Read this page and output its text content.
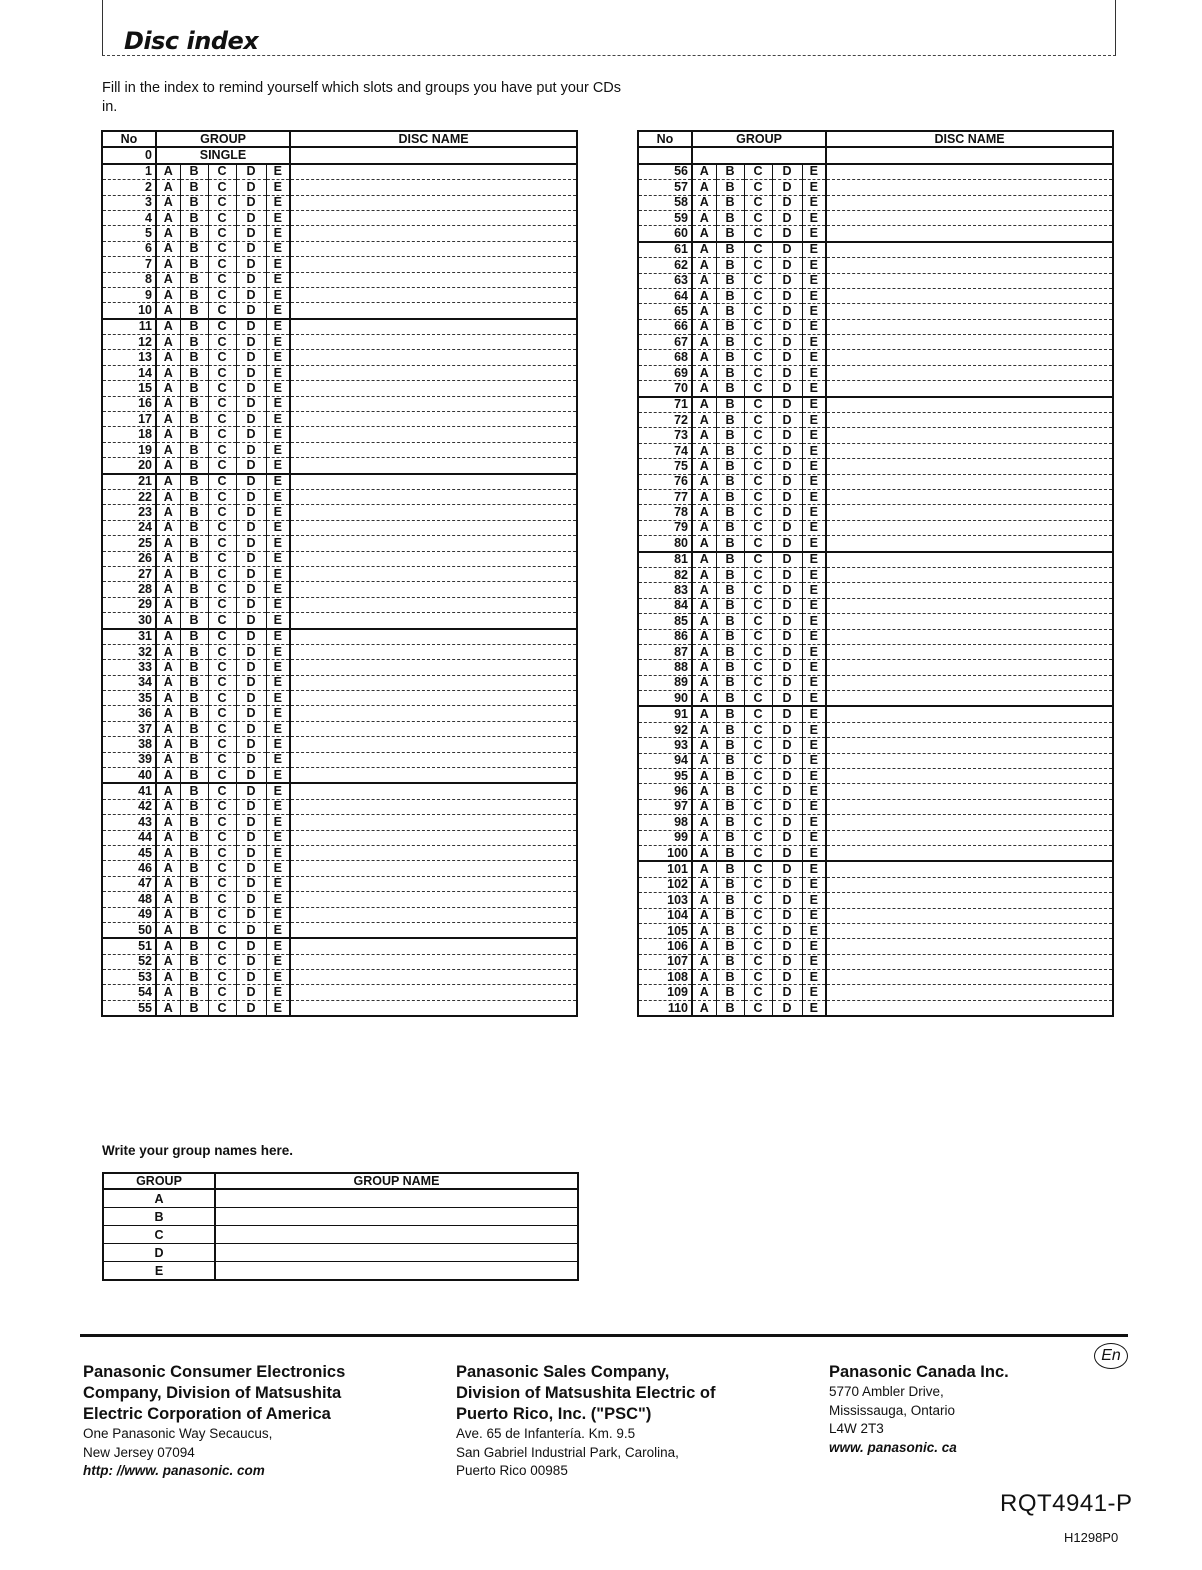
Disc index
Fill in the index to remind yourself which slots and groups you have put your CDs in.
No	GROUP					DISC NAME
0	SINGLE					
1	A	B	C	D	E	
2	A	B	C	D	E	
3	A	B	C	D	E	
4	A	B	C	D	E	
5	A	B	C	D	E	
6	A	B	C	D	E	
7	A	B	C	D	E	
8	A	B	C	D	E	
9	A	B	C	D	E	
10	A	B	C	D	E	
11	A	B	C	D	E	
12	A	B	C	D	E	
13	A	B	C	D	E	
14	A	B	C	D	E	
15	A	B	C	D	E	
16	A	B	C	D	E	
17	A	B	C	D	E	
18	A	B	C	D	E	
19	A	B	C	D	E	
20	A	B	C	D	E	
21	A	B	C	D	E	
22	A	B	C	D	E	
23	A	B	C	D	E	
24	A	B	C	D	E	
25	A	B	C	D	E	
26	A	B	C	D	E	
27	A	B	C	D	E	
28	A	B	C	D	E	
29	A	B	C	D	E	
30	A	B	C	D	E	
31	A	B	C	D	E	
32	A	B	C	D	E	
33	A	B	C	D	E	
34	A	B	C	D	E	
35	A	B	C	D	E	
36	A	B	C	D	E	
37	A	B	C	D	E	
38	A	B	C	D	E	
39	A	B	C	D	E	
40	A	B	C	D	E	
41	A	B	C	D	E	
42	A	B	C	D	E	
43	A	B	C	D	E	
44	A	B	C	D	E	
45	A	B	C	D	E	
46	A	B	C	D	E	
47	A	B	C	D	E	
48	A	B	C	D	E	
49	A	B	C	D	E	
50	A	B	C	D	E	
51	A	B	C	D	E	
52	A	B	C	D	E	
53	A	B	C	D	E	
54	A	B	C	D	E	
55	A	B	C	D	E	
No	GROUP					DISC NAME

56	A	B	C	D	E	
57	A	B	C	D	E	
58	A	B	C	D	E	
59	A	B	C	D	E	
60	A	B	C	D	E	
61	A	B	C	D	E	
62	A	B	C	D	E	
63	A	B	C	D	E	
64	A	B	C	D	E	
65	A	B	C	D	E	
66	A	B	C	D	E	
67	A	B	C	D	E	
68	A	B	C	D	E	
69	A	B	C	D	E	
70	A	B	C	D	E	
71	A	B	C	D	E	
72	A	B	C	D	E	
73	A	B	C	D	E	
74	A	B	C	D	E	
75	A	B	C	D	E	
76	A	B	C	D	E	
77	A	B	C	D	E	
78	A	B	C	D	E	
79	A	B	C	D	E	
80	A	B	C	D	E	
81	A	B	C	D	E	
82	A	B	C	D	E	
83	A	B	C	D	E	
84	A	B	C	D	E	
85	A	B	C	D	E	
86	A	B	C	D	E	
87	A	B	C	D	E	
88	A	B	C	D	E	
89	A	B	C	D	E	
90	A	B	C	D	E	
91	A	B	C	D	E	
92	A	B	C	D	E	
93	A	B	C	D	E	
94	A	B	C	D	E	
95	A	B	C	D	E	
96	A	B	C	D	E	
97	A	B	C	D	E	
98	A	B	C	D	E	
99	A	B	C	D	E	
100	A	B	C	D	E	
101	A	B	C	D	E	
102	A	B	C	D	E	
103	A	B	C	D	E	
104	A	B	C	D	E	
105	A	B	C	D	E	
106	A	B	C	D	E	
107	A	B	C	D	E	
108	A	B	C	D	E	
109	A	B	C	D	E	
110	A	B	C	D	E	
Write your group names here.
GROUP	GROUP NAME
A	
B	
C	
D	
E	
Panasonic Consumer Electronics
Company, Division of Matsushita
Electric Corporation of America
One Panasonic Way Secaucus,
New Jersey 07094
http: //www. panasonic. com
Panasonic Sales Company,
Division of Matsushita Electric of
Puerto Rico, Inc. ("PSC")
Ave. 65 de Infantería. Km. 9.5
San Gabriel Industrial Park, Carolina,
Puerto Rico 00985
Panasonic Canada Inc.
5770 Ambler Drive,
Mississauga, Ontario
L4W 2T3
www. panasonic. ca
En
RQT4941-P
H1298P0
